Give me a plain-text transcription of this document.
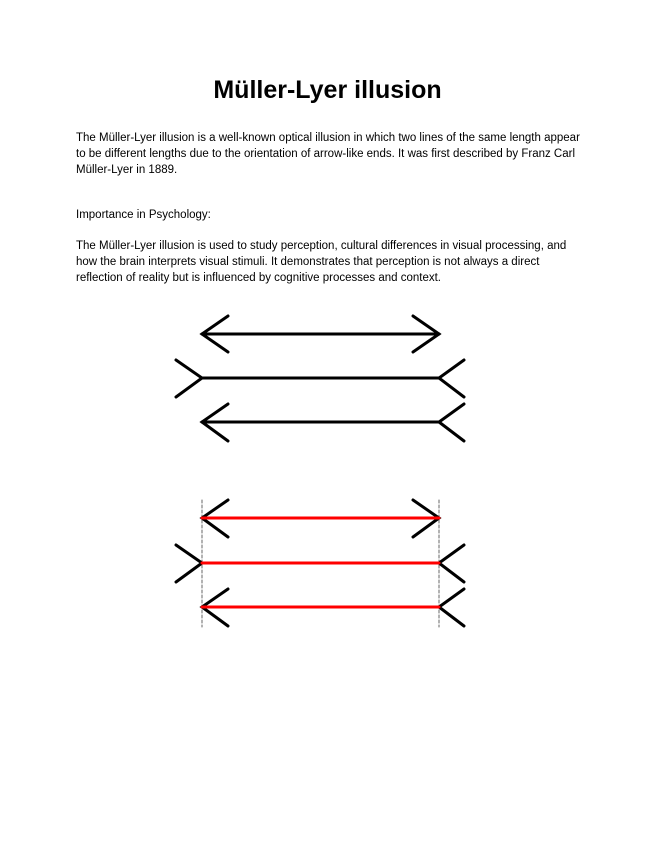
Müller-Lyer illusion

The Müller-Lyer illusion is a well-known optical illusion in which two lines of the same length appear to be different lengths due to the orientation of arrow-like ends. It was first described by Franz Carl Müller-Lyer in 1889.

Importance in Psychology:

The Müller-Lyer illusion is used to study perception, cultural differences in visual processing, and how the brain interprets visual stimuli. It demonstrates that perception is not always a direct reflection of reality but is influenced by cognitive processes and context.
